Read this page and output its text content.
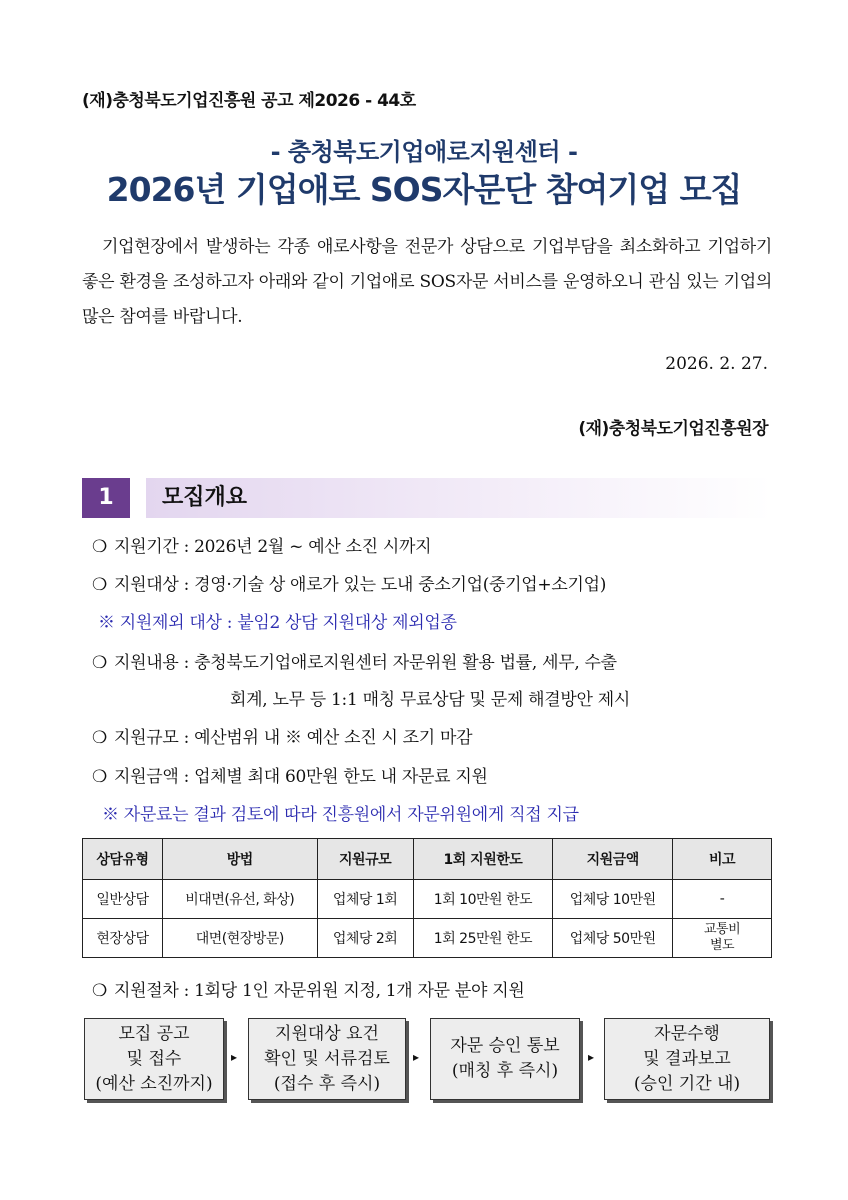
(재)충청북도기업진흥원 공고 제2026 - 44호
- 충청북도기업애로지원센터 -
2026년 기업애로 SOS자문단 참여기업 모집
기업현장에서 발생하는 각종 애로사항을 전문가 상담으로 기업부담을 최소화하고 기업하기 좋은 환경을 조성하고자 아래와 같이 기업애로 SOS자문 서비스를 운영하오니 관심 있는 기업의 많은 참여를 바랍니다.
2026. 2. 27.
(재)충청북도기업진흥원장
1	모집개요
❍ 지원기간 : 2026년 2월 ~ 예산 소진 시까지
❍ 지원대상 : 경영·기술 상 애로가 있는 도내 중소기업(중기업+소기업)
※ 지원제외 대상 : 붙임2 상담 지원대상 제외업종
❍ 지원내용 : 충청북도기업애로지원센터 자문위원 활용 법률, 세무, 수출
회계, 노무 등 1:1 매칭 무료상담 및 문제 해결방안 제시
❍ 지원규모 : 예산범위 내 ※ 예산 소진 시 조기 마감
❍ 지원금액 : 업체별 최대 60만원 한도 내 자문료 지원
※ 자문료는 결과 검토에 따라 진흥원에서 자문위원에게 직접 지급
상담유형	방법	지원규모	1회 지원한도	지원금액	비고
일반상담	비대면(유선, 화상)	업체당 1회	1회 10만원 한도	업체당 10만원	-
현장상담	대면(현장방문)	업체당 2회	1회 25만원 한도	업체당 50만원	교통비
별도
❍ 지원절차 : 1회당 1인 자문위원 지정, 1개 자문 분야 지원
모집 공고
및 접수
(예산 소진까지)
▸
지원대상 요건
확인 및 서류검토
(접수 후 즉시)
▸
자문 승인 통보
(매칭 후 즉시)
▸
자문수행
및 결과보고
(승인 기간 내)
